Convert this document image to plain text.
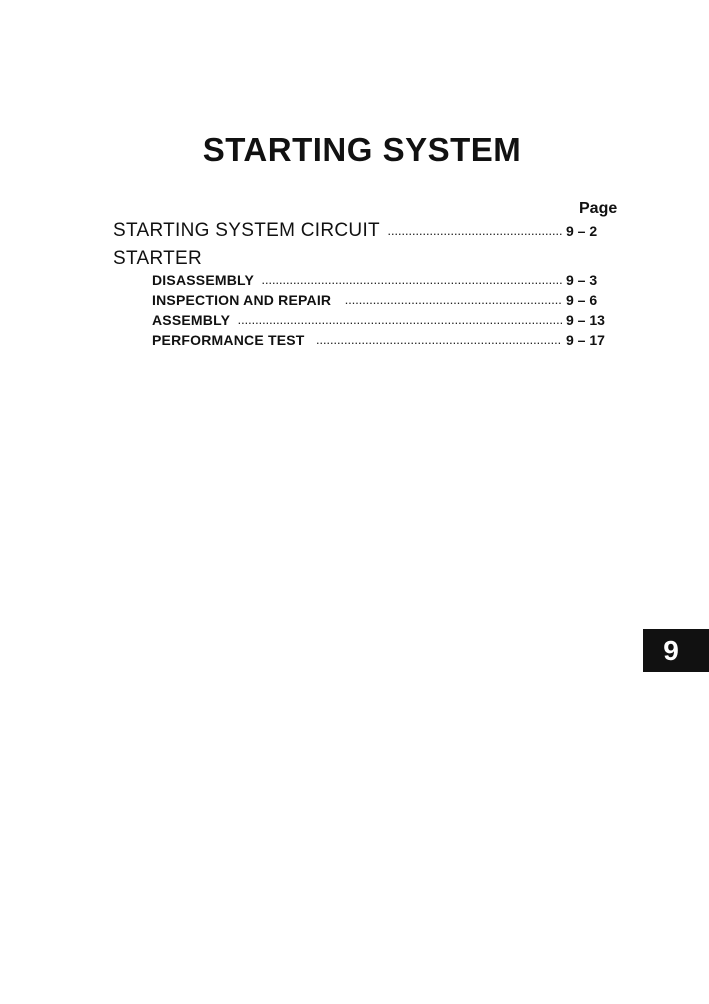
STARTING SYSTEM
Page
STARTING SYSTEM CIRCUIT .....	9 – 2
STARTER
DISASSEMBLY .....	9 – 3
INSPECTION AND REPAIR .....	9 – 6
ASSEMBLY .....	9 – 13
PERFORMANCE TEST .....	9 – 17
9
